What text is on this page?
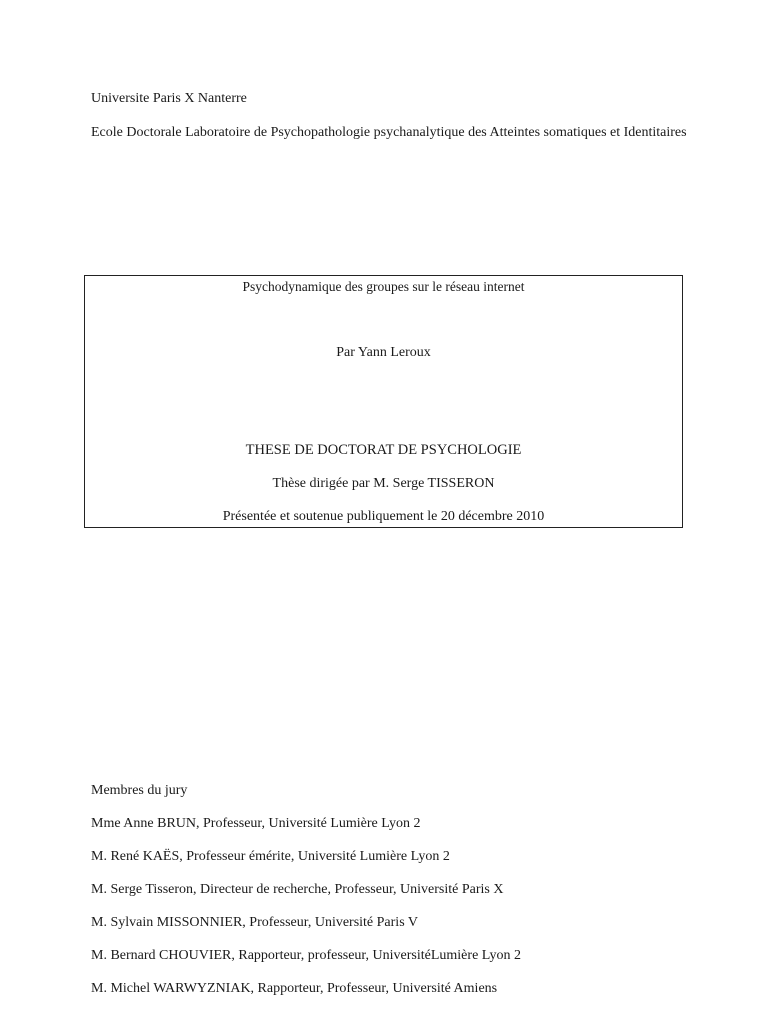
Universite Paris X Nanterre
Ecole Doctorale Laboratoire de Psychopathologie psychanalytique des Atteintes somatiques et Identitaires
Psychodynamique des groupes sur le réseau internet
Par Yann Leroux
THESE DE DOCTORAT DE PSYCHOLOGIE
Thèse dirigée par M. Serge TISSERON
Présentée et soutenue publiquement le 20 décembre 2010
Membres du jury
Mme Anne BRUN, Professeur, Université Lumière Lyon 2
M. René KAËS, Professeur émérite, Université Lumière Lyon 2
M. Serge Tisseron, Directeur de recherche, Professeur, Université Paris X
M. Sylvain MISSONNIER, Professeur, Université Paris V
M. Bernard CHOUVIER, Rapporteur, professeur, UniversitéLumière Lyon 2
M. Michel WARWYZNIAK, Rapporteur, Professeur, Université Amiens
